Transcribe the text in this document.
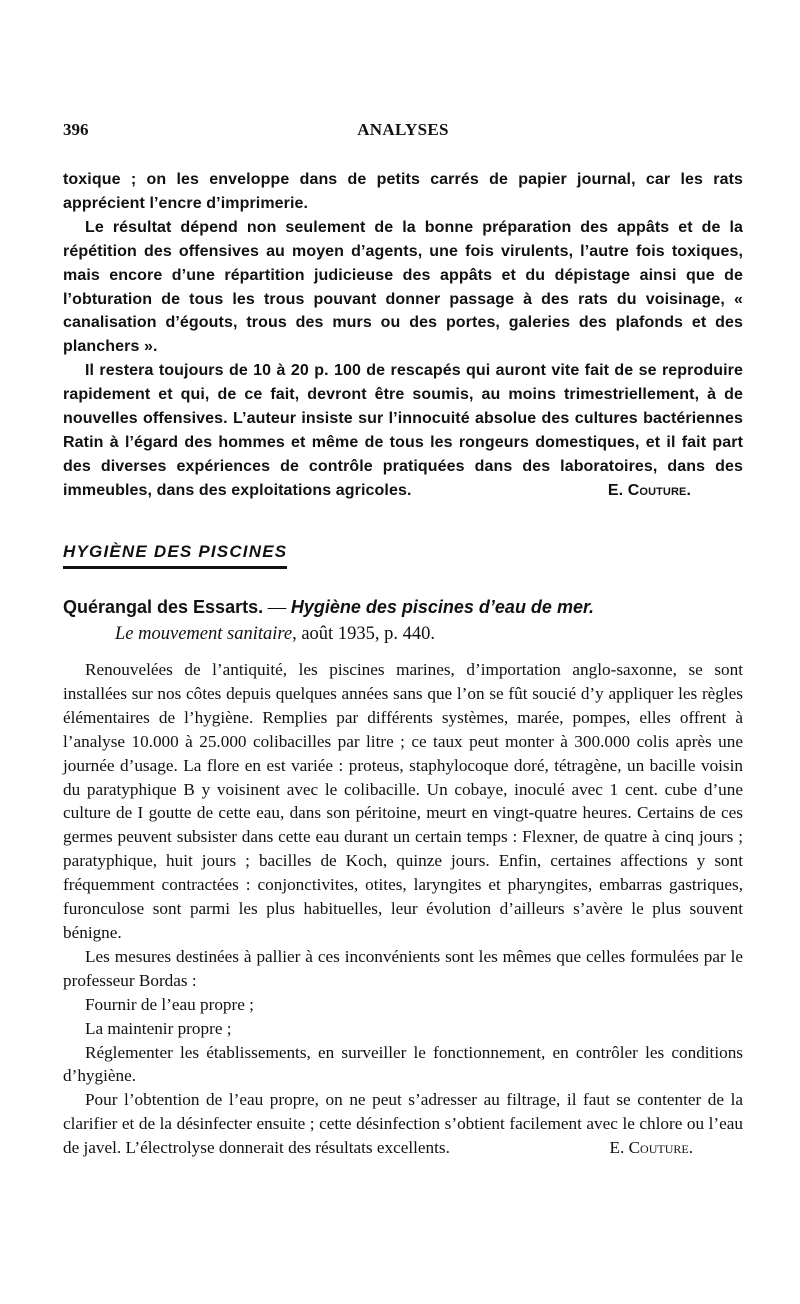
396	ANALYSES

toxique ; on les enveloppe dans de petits carrés de papier journal, car les rats apprécient l’encre d’imprimerie.

Le résultat dépend non seulement de la bonne préparation des appâts et de la répétition des offensives au moyen d’agents, une fois virulents, l’autre fois toxiques, mais encore d’une répartition judicieuse des appâts et du dépistage ainsi que de l’obturation de tous les trous pouvant donner passage à des rats du voisinage, « canalisation d’égouts, trous des murs ou des portes, galeries des plafonds et des planchers ».

Il restera toujours de 10 à 20 p. 100 de rescapés qui auront vite fait de se reproduire rapidement et qui, de ce fait, devront être soumis, au moins trimestriellement, à de nouvelles offensives. L’auteur insiste sur l’innocuité absolue des cultures bactériennes Ratin à l’égard des hommes et même de tous les rongeurs domestiques, et il fait part des diverses expériences de contrôle pratiquées dans des laboratoires, dans des immeubles, dans des exploitations agricoles.	E. Couture.

HYGIÈNE DES PISCINES
Quérangal des Essarts. — Hygiène des piscines d’eau de mer.
Le mouvement sanitaire, août 1935, p. 440.

Renouvelées de l’antiquité, les piscines marines, d’importation anglo-saxonne, se sont installées sur nos côtes depuis quelques années sans que l’on se fût soucié d’y appliquer les règles élémentaires de l’hygiène. Remplies par différents systèmes, marée, pompes, elles offrent à l’analyse 10.000 à 25.000 colibacilles par litre ; ce taux peut monter à 300.000 colis après une journée d’usage. La flore en est variée : proteus, staphylocoque doré, tétragène, un bacille voisin du paratyphique B y voisinent avec le colibacille. Un cobaye, inoculé avec 1 cent. cube d’une culture de I goutte de cette eau, dans son péritoine, meurt en vingt-quatre heures. Certains de ces germes peuvent subsister dans cette eau durant un certain temps : Flexner, de quatre à cinq jours ; paratyphique, huit jours ; bacilles de Koch, quinze jours. Enfin, certaines affections y sont fréquemment contractées : conjonctivites, otites, laryngites et pharyngites, embarras gastriques, furonculose sont parmi les plus habituelles, leur évolution d’ailleurs s’avère le plus souvent bénigne.

Les mesures destinées à pallier à ces inconvénients sont les mêmes que celles formulées par le professeur Bordas :

Fournir de l’eau propre ;

La maintenir propre ;

Réglementer les établissements, en surveiller le fonctionnement, en contrôler les conditions d’hygiène.

Pour l’obtention de l’eau propre, on ne peut s’adresser au filtrage, il faut se contenter de la clarifier et de la désinfecter ensuite ; cette désinfection s’obtient facilement avec le chlore ou l’eau de javel. L’électrolyse donnerait des résultats excellents.	E. Couture.
